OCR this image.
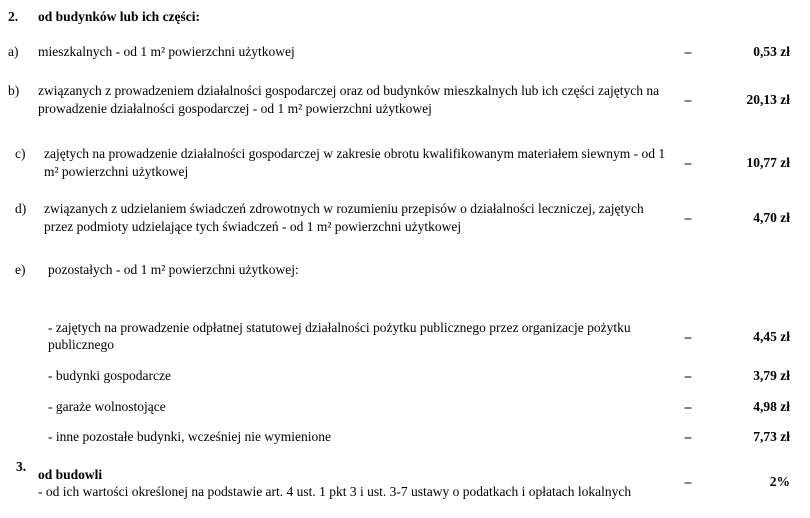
2.	od budynków lub ich części:
a)	mieszkalnych - od 1 m² powierzchni użytkowej	–	0,53 zł
b)	związanych z prowadzeniem działalności gospodarczej oraz od budynków mieszkalnych lub ich części zajętych na prowadzenie działalności gospodarczej - od 1 m² powierzchni użytkowej
–	20,13 zł
c)	zajętych na prowadzenie działalności gospodarczej w zakresie obrotu kwalifikowanym materiałem siewnym - od 1 m² powierzchni użytkowej
–	10,77 zł
d)	związanych z udzielaniem świadczeń zdrowotnych w rozumieniu przepisów o działalności leczniczej, zajętych przez podmioty udzielające tych świadczeń - od 1 m² powierzchni użytkowej
–	4,70 zł
e)	pozostałych - od 1 m² powierzchni użytkowej:
- zajętych na prowadzenie odpłatnej statutowej działalności pożytku publicznego przez organizacje pożytku publicznego
–	4,45 zł
- budynki gospodarcze	–	3,79 zł
- garaże wolnostojące	–	4,98 zł
- inne pozostałe budynki, wcześniej nie wymienione	–	7,73 zł
3.
od budowli
- od ich wartości określonej na podstawie art. 4 ust. 1 pkt 3 i ust. 3-7 ustawy o podatkach i opłatach lokalnych
–	2%
